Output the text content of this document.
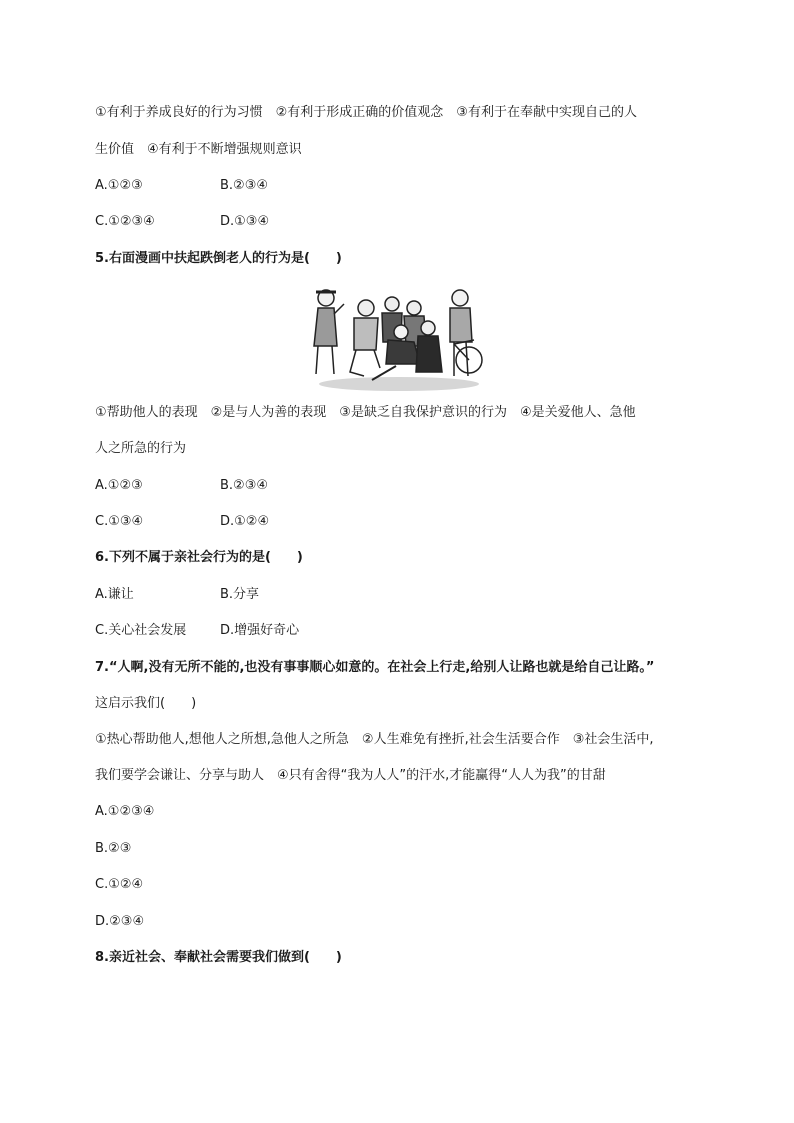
①有利于养成良好的行为习惯　②有利于形成正确的价值观念　③有利于在奉献中实现自己的人
生价值　④有利于不断增强规则意识
A.①②③	B.②③④
C.①②③④	D.①③④
5.右面漫画中扶起跌倒老人的行为是(　　)
①帮助他人的表现　②是与人为善的表现　③是缺乏自我保护意识的行为　④是关爱他人、急他
人之所急的行为
A.①②③	B.②③④
C.①③④	D.①②④
6.下列不属于亲社会行为的是(　　)
A.谦让	B.分享
C.关心社会发展	D.增强好奇心
7.“人啊,没有无所不能的,也没有事事顺心如意的。在社会上行走,给别人让路也就是给自己让路。”
这启示我们(　　)
①热心帮助他人,想他人之所想,急他人之所急　②人生难免有挫折,社会生活要合作　③社会生活中,
我们要学会谦让、分享与助人　④只有舍得“我为人人”的汗水,才能赢得“人人为我”的甘甜
A.①②③④
B.②③
C.①②④
D.②③④
8.亲近社会、奉献社会需要我们做到(　　)
